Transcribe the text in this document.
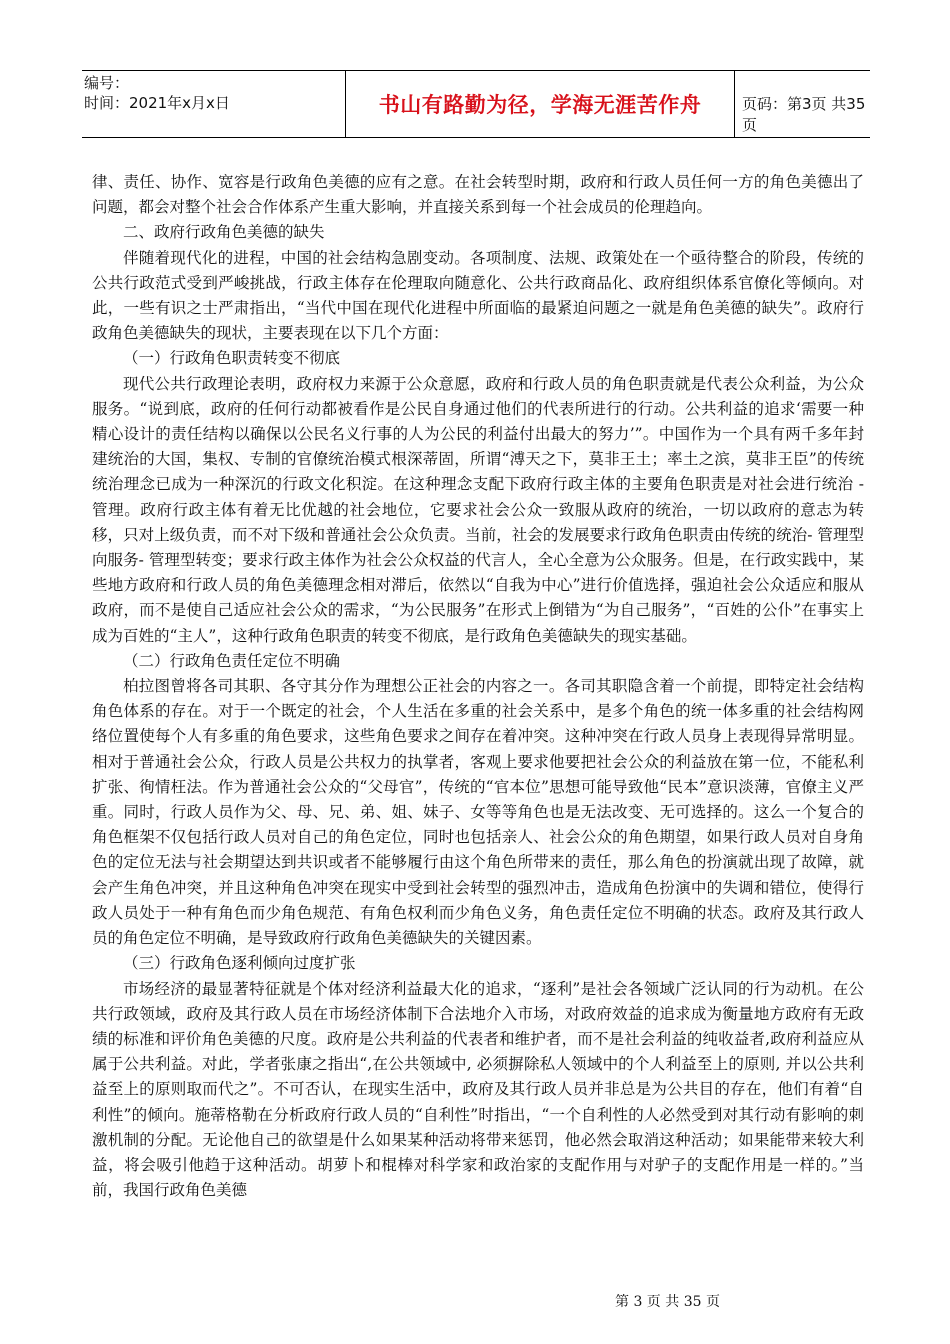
编号：
时间：2021年x月x日	书山有路勤为径，学海无涯苦作舟	页码：第3页 共35页

律、责任、协作、宽容是行政角色美德的应有之意。在社会转型时期，政府和行政人员任何一方的角色美德出了问题，都会对整个社会合作体系产生重大影响，并直接关系到每一个社会成员的伦理趋向。

二、政府行政角色美德的缺失

伴随着现代化的进程，中国的社会结构急剧变动。各项制度、法规、政策处在一个亟待整合的阶段，传统的公共行政范式受到严峻挑战，行政主体存在伦理取向随意化、公共行政商品化、政府组织体系官僚化等倾向。对此，一些有识之士严肃指出，“当代中国在现代化进程中所面临的最紧迫问题之一就是角色美德的缺失”。政府行政角色美德缺失的现状，主要表现在以下几个方面：

（一）行政角色职责转变不彻底

现代公共行政理论表明，政府权力来源于公众意愿，政府和行政人员的角色职责就是代表公众利益，为公众服务。“说到底，政府的任何行动都被看作是公民自身通过他们的代表所进行的行动。公共利益的追求‘需要一种精心设计的责任结构以确保以公民名义行事的人为公民的利益付出最大的努力’”。中国作为一个具有两千多年封建统治的大国，集权、专制的官僚统治模式根深蒂固，所谓“溥天之下，莫非王土；率土之滨，莫非王臣”的传统统治理念已成为一种深沉的行政文化积淀。在这种理念支配下政府行政主体的主要角色职责是对社会进行统治 - 管理。政府行政主体有着无比优越的社会地位，它要求社会公众一致服从政府的统治，一切以政府的意志为转移，只对上级负责，而不对下级和普通社会公众负责。当前，社会的发展要求行政角色职责由传统的统治- 管理型向服务- 管理型转变；要求行政主体作为社会公众权益的代言人，全心全意为公众服务。但是，在行政实践中，某些地方政府和行政人员的角色美德理念相对滞后，依然以“自我为中心”进行价值选择，强迫社会公众适应和服从政府，而不是使自己适应社会公众的需求，“为公民服务”在形式上倒错为“为自己服务”，“百姓的公仆”在事实上成为百姓的“主人”，这种行政角色职责的转变不彻底，是行政角色美德缺失的现实基础。

（二）行政角色责任定位不明确

柏拉图曾将各司其职、各守其分作为理想公正社会的内容之一。各司其职隐含着一个前提，即特定社会结构角色体系的存在。对于一个既定的社会，个人生活在多重的社会关系中，是多个角色的统一体多重的社会结构网络位置使每个人有多重的角色要求，这些角色要求之间存在着冲突。这种冲突在行政人员身上表现得异常明显。相对于普通社会公众，行政人员是公共权力的执掌者，客观上要求他要把社会公众的利益放在第一位，不能私利扩张、徇情枉法。作为普通社会公众的“父母官”，传统的“官本位”思想可能导致他“民本”意识淡薄，官僚主义严重。同时，行政人员作为父、母、兄、弟、姐、妹子、女等等角色也是无法改变、无可选择的。这么一个复合的角色框架不仅包括行政人员对自己的角色定位，同时也包括亲人、社会公众的角色期望，如果行政人员对自身角色的定位无法与社会期望达到共识或者不能够履行由这个角色所带来的责任，那么角色的扮演就出现了故障，就会产生角色冲突，并且这种角色冲突在现实中受到社会转型的强烈冲击，造成角色扮演中的失调和错位，使得行政人员处于一种有角色而少角色规范、有角色权利而少角色义务，角色责任定位不明确的状态。政府及其行政人员的角色定位不明确，是导致政府行政角色美德缺失的关键因素。

（三）行政角色逐利倾向过度扩张

市场经济的最显著特征就是个体对经济利益最大化的追求，“逐利”是社会各领域广泛认同的行为动机。在公共行政领域，政府及其行政人员在市场经济体制下合法地介入市场，对政府效益的追求成为衡量地方政府有无政绩的标准和评价角色美德的尺度。政府是公共利益的代表者和维护者，而不是社会利益的纯收益者,政府利益应从属于公共利益。对此，学者张康之指出“,在公共领域中, 必须摒除私人领域中的个人利益至上的原则, 并以公共利益至上的原则取而代之”。不可否认，在现实生活中，政府及其行政人员并非总是为公共目的存在，他们有着“自利性”的倾向。施蒂格勒在分析政府行政人员的“自利性”时指出，“一个自利性的人必然受到对其行动有影响的刺激机制的分配。无论他自己的欲望是什么如果某种活动将带来惩罚，他必然会取消这种活动；如果能带来较大利益，将会吸引他趋于这种活动。胡萝卜和棍棒对科学家和政治家的支配作用与对驴子的支配作用是一样的。”当前，我国行政角色美德

第 3 页 共 35 页
